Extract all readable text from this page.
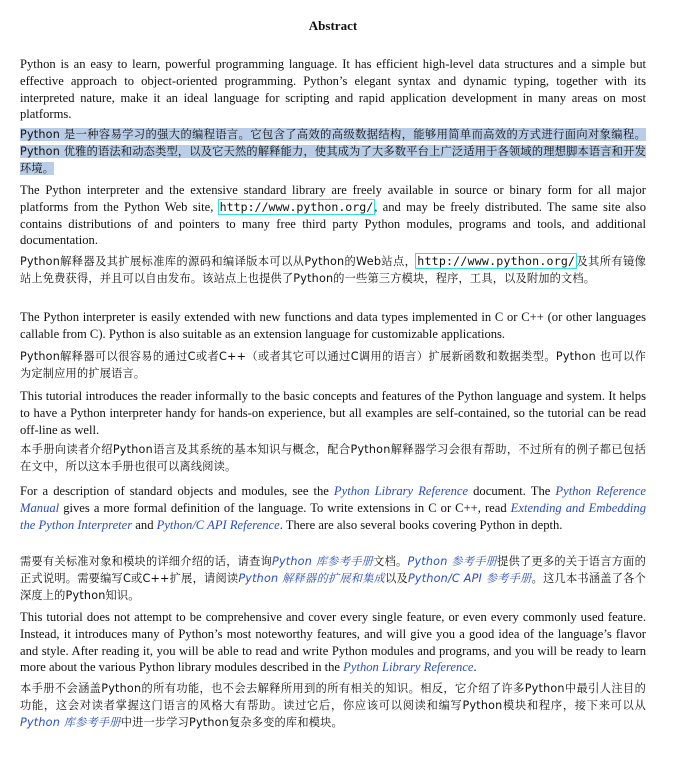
Abstract

Python is an easy to learn, powerful programming language. It has efficient high-level data structures and a simple but effective approach to object-oriented programming. Python’s elegant syntax and dynamic typing, together with its interpreted nature, make it an ideal language for scripting and rapid application development in many areas on most platforms.

Python 是一种容易学习的强大的编程语言。它包含了高效的高级数据结构，能够用简单而高效的方式进行面向对象编程。Python 优雅的语法和动态类型，以及它天然的解释能力，使其成为了大多数平台上广泛适用于各领域的理想脚本语言和开发环境。

The Python interpreter and the extensive standard library are freely available in source or binary form for all major platforms from the Python Web site, http://www.python.org/, and may be freely distributed. The same site also contains distributions of and pointers to many free third party Python modules, programs and tools, and additional documentation.

Python解释器及其扩展标准库的源码和编译版本可以从Python的Web站点，http://www.python.org/及其所有镜像站上免费获得，并且可以自由发布。该站点上也提供了Python的一些第三方模块，程序，工具，以及附加的文档。

The Python interpreter is easily extended with new functions and data types implemented in C or C++ (or other languages callable from C). Python is also suitable as an extension language for customizable applications.

Python解释器可以很容易的通过C或者C++（或者其它可以通过C调用的语言）扩展新函数和数据类型。Python 也可以作为定制应用的扩展语言。

This tutorial introduces the reader informally to the basic concepts and features of the Python language and system. It helps to have a Python interpreter handy for hands-on experience, but all examples are self-contained, so the tutorial can be read off-line as well.

本手册向读者介绍Python语言及其系统的基本知识与概念，配合Python解释器学习会很有帮助，不过所有的例子都已包括在文中，所以这本手册也很可以离线阅读。

For a description of standard objects and modules, see the Python Library Reference document. The Python Reference Manual gives a more formal definition of the language. To write extensions in C or C++, read Extending and Embedding the Python Interpreter and Python/C API Reference. There are also several books covering Python in depth.

需要有关标准对象和模块的详细介绍的话，请查询Python 库参考手册文档。Python 参考手册提供了更多的关于语言方面的正式说明。需要编写C或C++扩展，请阅读Python 解释器的扩展和集成以及Python/C API 参考手册。这几本书涵盖了各个深度上的Python知识。

This tutorial does not attempt to be comprehensive and cover every single feature, or even every commonly used feature. Instead, it introduces many of Python’s most noteworthy features, and will give you a good idea of the language’s flavor and style. After reading it, you will be able to read and write Python modules and programs, and you will be ready to learn more about the various Python library modules described in the Python Library Reference.

本手册不会涵盖Python的所有功能，也不会去解释所用到的所有相关的知识。相反，它介绍了许多Python中最引人注目的功能，这会对读者掌握这门语言的风格大有帮助。读过它后，你应该可以阅读和编写Python模块和程序，接下来可以从Python 库参考手册中进一步学习Python复杂多变的库和模块。
